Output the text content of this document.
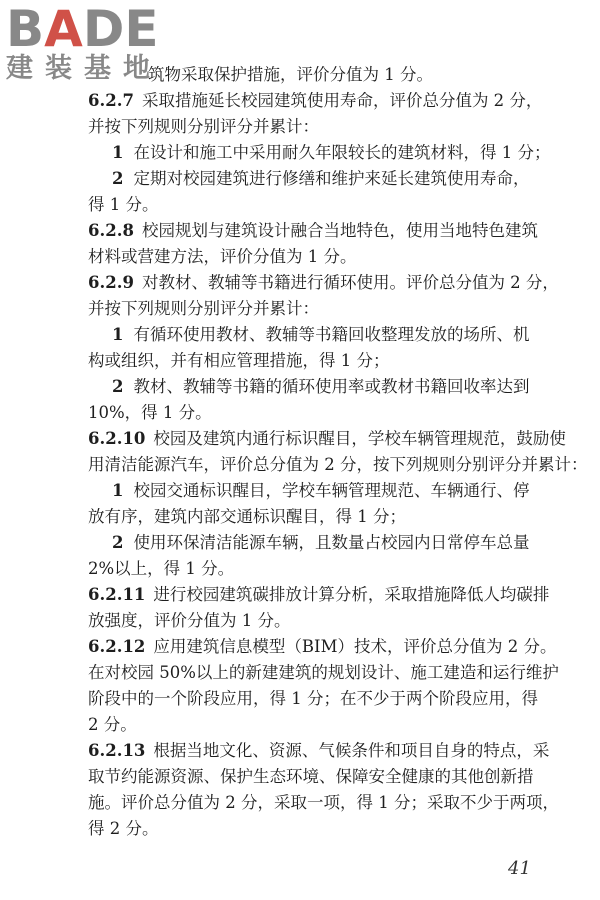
BADE
建装基地

筑物采取保护措施，评价分值为 1 分。

6.2.7 采取措施延长校园建筑使用寿命，评价总分值为 2 分，

并按下列规则分别评分并累计：

1 在设计和施工中采用耐久年限较长的建筑材料，得 1 分；

2 定期对校园建筑进行修缮和维护来延长建筑使用寿命，

得 1 分。

6.2.8 校园规划与建筑设计融合当地特色，使用当地特色建筑

材料或营建方法，评价分值为 1 分。

6.2.9 对教材、教辅等书籍进行循环使用。评价总分值为 2 分，

并按下列规则分别评分并累计：

1 有循环使用教材、教辅等书籍回收整理发放的场所、机

构或组织，并有相应管理措施，得 1 分；

2 教材、教辅等书籍的循环使用率或教材书籍回收率达到

10%，得 1 分。

6.2.10 校园及建筑内通行标识醒目，学校车辆管理规范，鼓励使

用清洁能源汽车，评价总分值为 2 分，按下列规则分别评分并累计：

1 校园交通标识醒目，学校车辆管理规范、车辆通行、停

放有序，建筑内部交通标识醒目，得 1 分；

2 使用环保清洁能源车辆，且数量占校园内日常停车总量

2%以上，得 1 分。

6.2.11 进行校园建筑碳排放计算分析，采取措施降低人均碳排

放强度，评价分值为 1 分。

6.2.12 应用建筑信息模型（BIM）技术，评价总分值为 2 分。

在对校园 50%以上的新建建筑的规划设计、施工建造和运行维护

阶段中的一个阶段应用，得 1 分；在不少于两个阶段应用，得

2 分。

6.2.13 根据当地文化、资源、气候条件和项目自身的特点，采

取节约能源资源、保护生态环境、保障安全健康的其他创新措

施。评价总分值为 2 分，采取一项，得 1 分；采取不少于两项，

得 2 分。

41
